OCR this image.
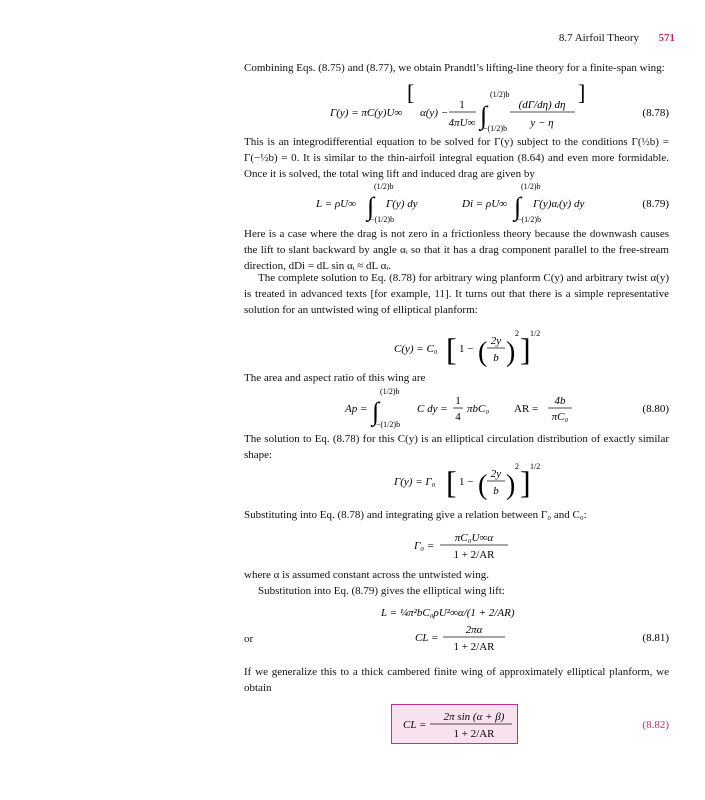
8.7 Airfoil Theory 571

Combining Eqs. (8.75) and (8.77), we obtain Prandtl’s lifting-line theory for a finite-span wing:

Γ(y) = πC(y)U∞
[
α(y) −
1
4πU∞ ∫
(1/2)b
−(1/2)b
(dΓ/dη) dη
y − η
]
(8.78)
L = ρU∞ ∫
(1/2)b
−(1/2)b
Γ(y) dy	Di = ρU∞ ∫
(1/2)b
−(1/2)b
Γ(y)αᵢ(y) dy	(8.79)
C(y) = C₀ [ 1 − ( 2y
b )
2 ] 1/2
Ap = ∫
(1/2)b
−(1/2)b
C dy =
1
4
πbC₀ AR =
4b
πC₀
(8.80)
Γ(y) = Γ₀ [ 1 − ( 2y
b )
2 ] 1/2
Γ₀ =
πC₀U∞α
1 + 2/AR
L = ¼π²bC₀ρU²∞α/(1 + 2/AR)
CL =
2πα
1 + 2/AR
(8.81)

This is an integrodifferential equation to be solved for Γ(y) subject to the conditions Γ(½b) = Γ(−½b) = 0. It is similar to the thin-airfoil integral equation (8.64) and even more formidable. Once it is solved, the total wing lift and induced drag are given by

Here is a case where the drag is not zero in a frictionless theory because the downwash causes the lift to slant backward by angle αᵢ so that it has a drag component parallel to the free-stream direction, dDi = dL sin αᵢ ≈ dL αᵢ.

The complete solution to Eq. (8.78) for arbitrary wing planform C(y) and arbitrary twist α(y) is treated in advanced texts [for example, 11]. It turns out that there is a simple representative solution for an untwisted wing of elliptical planform:

The area and aspect ratio of this wing are

The solution to Eq. (8.78) for this C(y) is an elliptical circulation distribution of exactly similar shape:

Substituting into Eq. (8.78) and integrating give a relation between Γ₀ and C₀:

where α is assumed constant across the untwisted wing.

Substitution into Eq. (8.79) gives the elliptical wing lift:

or

If we generalize this to a thick cambered finite wing of approximately elliptical planform, we obtain

CL =
2π sin (α + β)
1 + 2/AR
(8.82)
